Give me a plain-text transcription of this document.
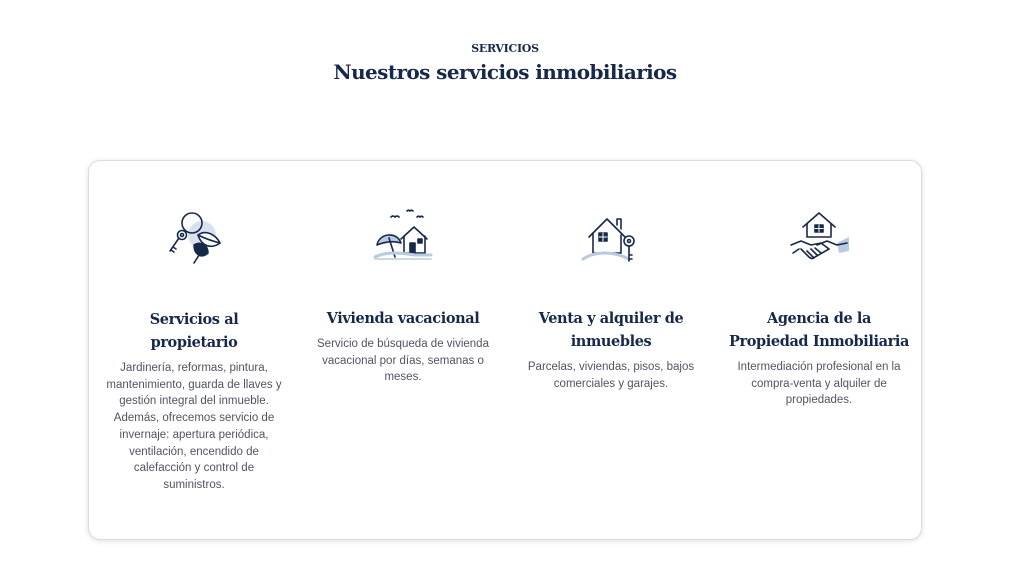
SERVICIOS
Nuestros servicios inmobiliarios
Servicios al propietario

Jardinería, reformas, pintura, mantenimiento, guarda de llaves y gestión integral del inmueble. Además, ofrecemos servicio de invernaje: apertura periódica, ventilación, encendido de calefacción y control de suministros.

Vivienda vacacional

Servicio de búsqueda de vivienda vacacional por días, semanas o meses.

Venta y alquiler de inmuebles

Parcelas, viviendas, pisos, bajos comerciales y garajes.

Agencia de la Propiedad Inmobiliaria

Intermediación profesional en la compra-venta y alquiler de propiedades.
